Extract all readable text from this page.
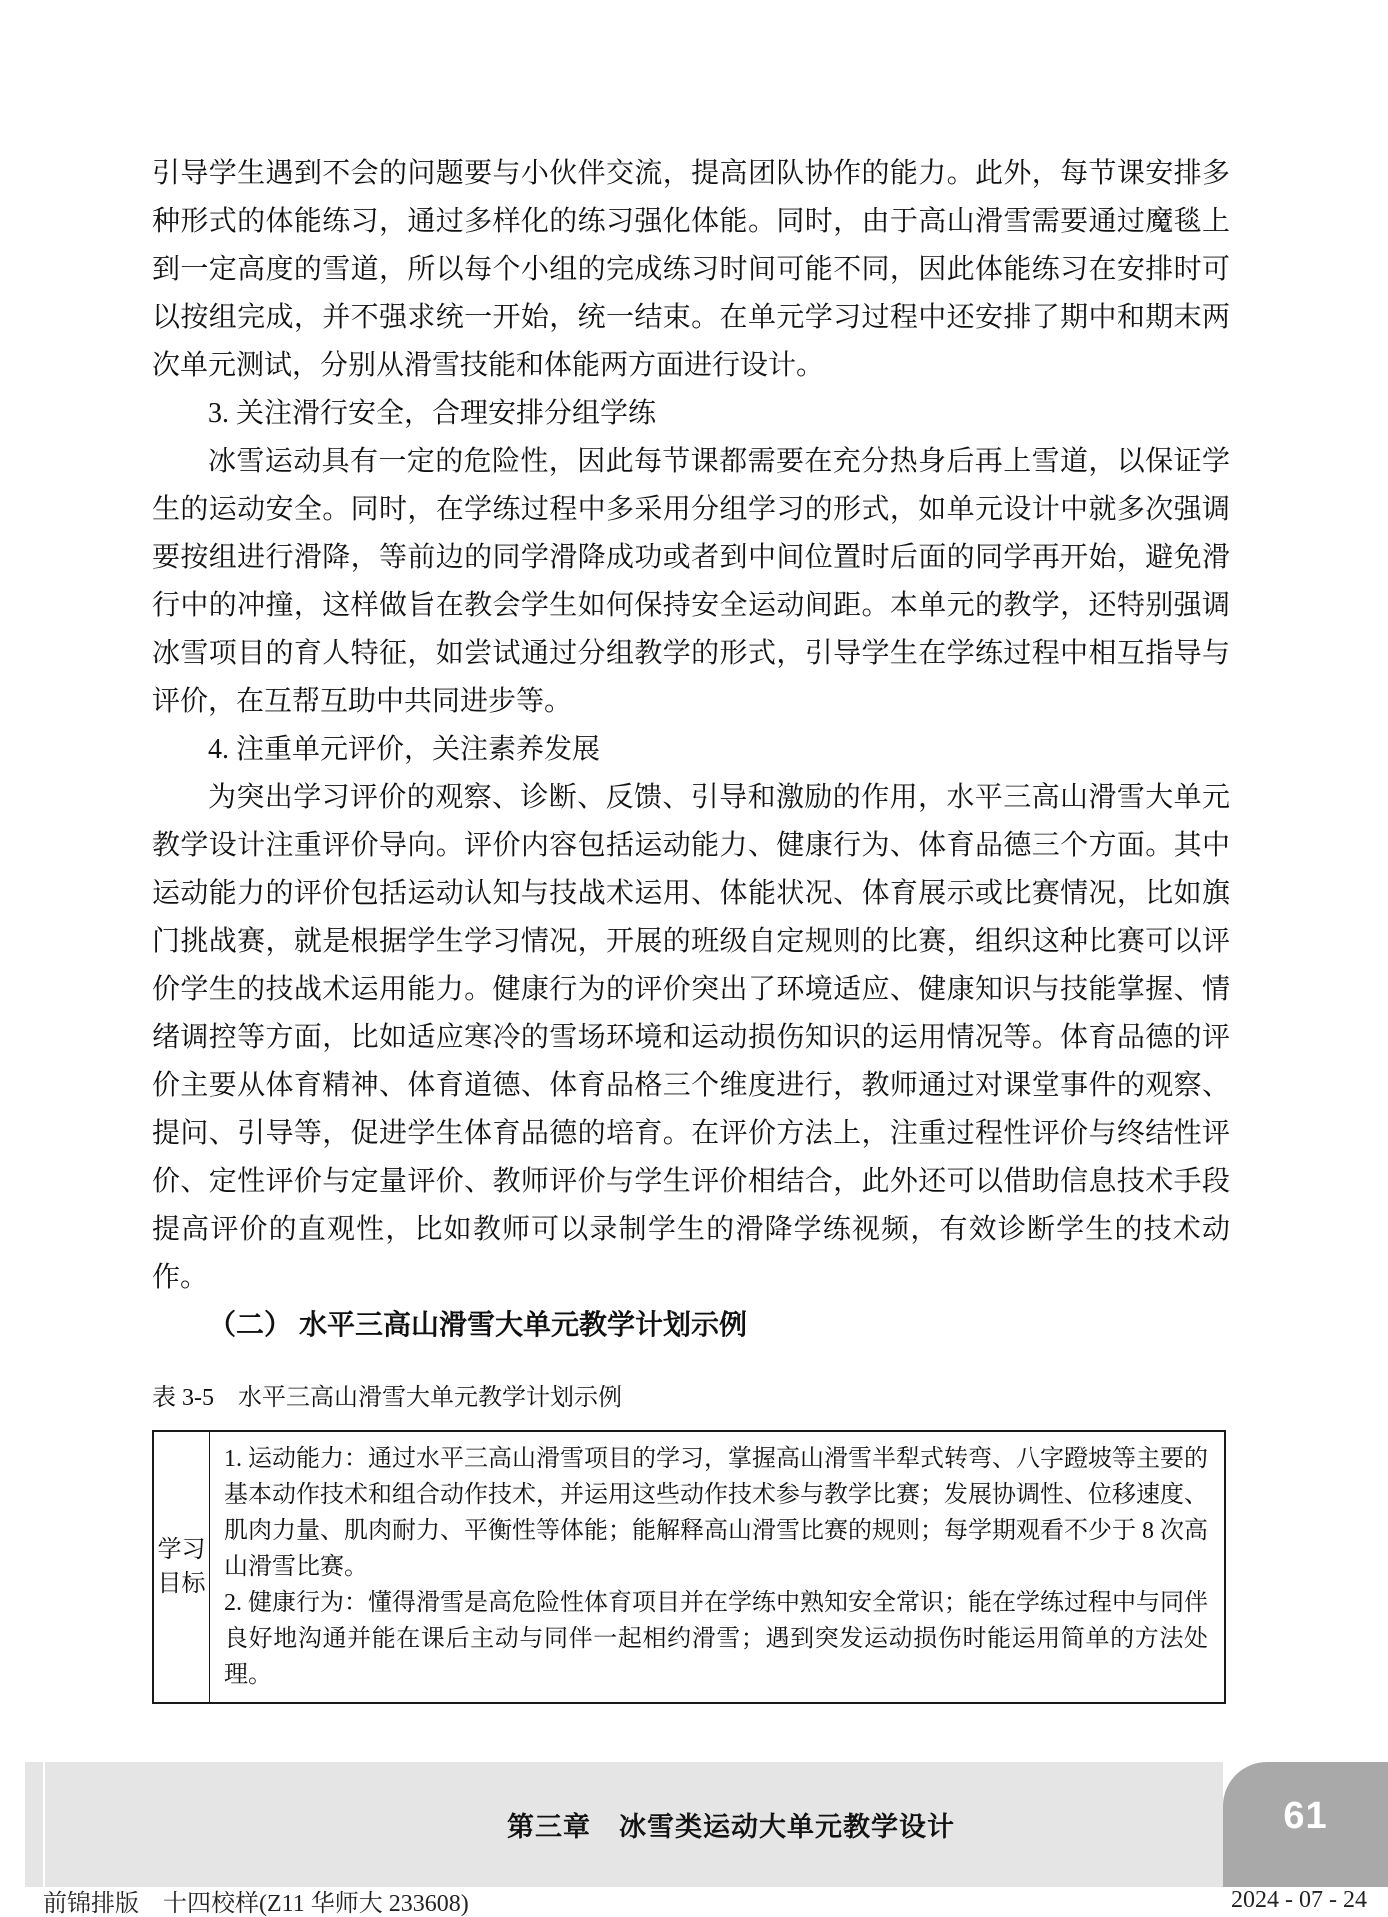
引导学生遇到不会的问题要与小伙伴交流，提高团队协作的能力。此外，每节课安排多种形式的体能练习，通过多样化的练习强化体能。同时，由于高山滑雪需要通过魔毯上到一定高度的雪道，所以每个小组的完成练习时间可能不同，因此体能练习在安排时可以按组完成，并不强求统一开始，统一结束。在单元学习过程中还安排了期中和期末两次单元测试，分别从滑雪技能和体能两方面进行设计。

3. 关注滑行安全，合理安排分组学练

冰雪运动具有一定的危险性，因此每节课都需要在充分热身后再上雪道，以保证学生的运动安全。同时，在学练过程中多采用分组学习的形式，如单元设计中就多次强调要按组进行滑降，等前边的同学滑降成功或者到中间位置时后面的同学再开始，避免滑行中的冲撞，这样做旨在教会学生如何保持安全运动间距。本单元的教学，还特别强调冰雪项目的育人特征，如尝试通过分组教学的形式，引导学生在学练过程中相互指导与评价，在互帮互助中共同进步等。

4. 注重单元评价，关注素养发展

为突出学习评价的观察、诊断、反馈、引导和激励的作用，水平三高山滑雪大单元教学设计注重评价导向。评价内容包括运动能力、健康行为、体育品德三个方面。其中运动能力的评价包括运动认知与技战术运用、体能状况、体育展示或比赛情况，比如旗门挑战赛，就是根据学生学习情况，开展的班级自定规则的比赛，组织这种比赛可以评价学生的技战术运用能力。健康行为的评价突出了环境适应、健康知识与技能掌握、情绪调控等方面，比如适应寒冷的雪场环境和运动损伤知识的运用情况等。体育品德的评价主要从体育精神、体育道德、体育品格三个维度进行，教师通过对课堂事件的观察、提问、引导等，促进学生体育品德的培育。在评价方法上，注重过程性评价与终结性评价、定性评价与定量评价、教师评价与学生评价相结合，此外还可以借助信息技术手段提高评价的直观性，比如教师可以录制学生的滑降学练视频，有效诊断学生的技术动作。

（二） 水平三高山滑雪大单元教学计划示例

表 3-5　水平三高山滑雪大单元教学计划示例

学习目标

1. 运动能力：通过水平三高山滑雪项目的学习，掌握高山滑雪半犁式转弯、八字蹬坡等主要的基本动作技术和组合动作技术，并运用这些动作技术参与教学比赛；发展协调性、位移速度、肌肉力量、肌肉耐力、平衡性等体能；能解释高山滑雪比赛的规则；每学期观看不少于 8 次高山滑雪比赛。

2. 健康行为：懂得滑雪是高危险性体育项目并在学练中熟知安全常识；能在学练过程中与同伴良好地沟通并能在课后主动与同伴一起相约滑雪；遇到突发运动损伤时能运用简单的方法处理。

第三章　冰雪类运动大单元教学设计	61
前锦排版　十四校样(Z11 华师大 233608)	2024 - 07 - 24
